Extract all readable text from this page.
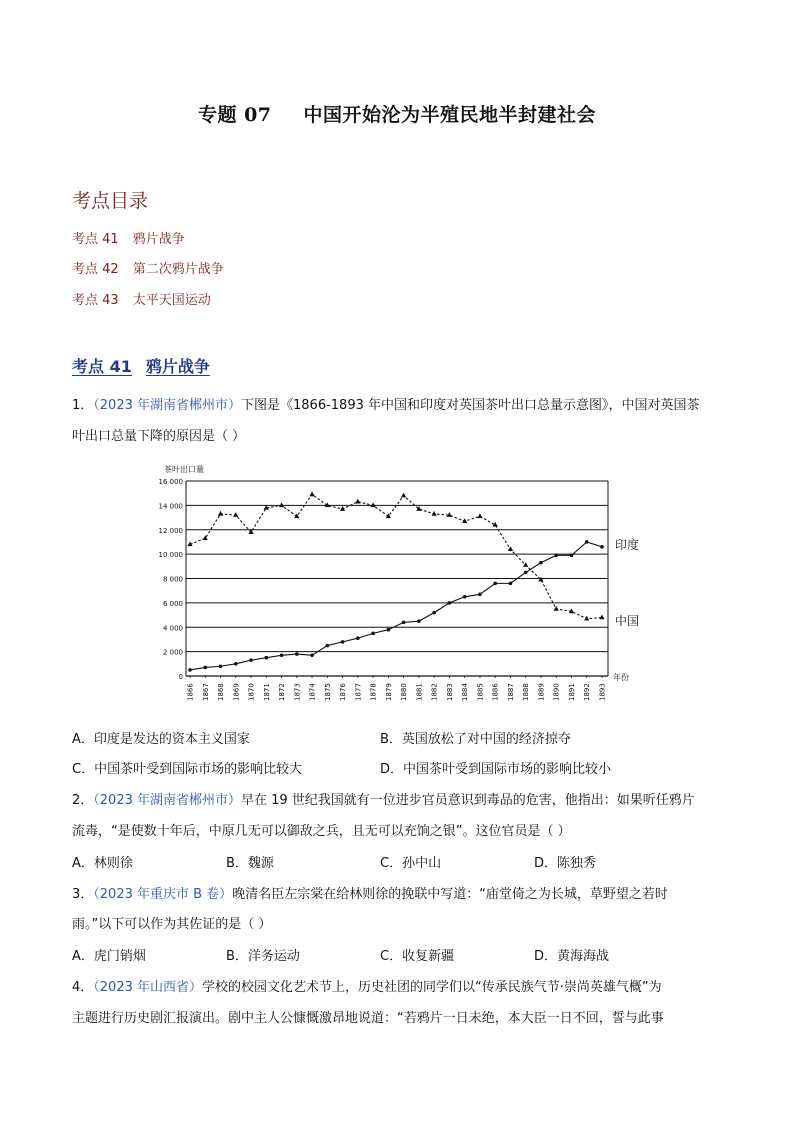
专题 07 中国开始沦为半殖民地半封建社会
考点目录
考点 41 鸦片战争
考点 42 第二次鸦片战争
考点 43 太平天国运动
考点 41 鸦片战争
1．（2023 年湖南省郴州市）下图是《1866-1893 年中国和印度对英国茶叶出口总量示意图》，中国对英国茶
叶出口总量下降的原因是（ ）
0
2 000
4 000
6 000
8 000
10 000
12 000
14 000
16 000
1866 1867 1868 1869 1870 1871 1872 1873 1874 1875 1876 1877 1878 1879 1880 1881 1882 1883 1884 1885 1886 1887 1888 1889 1890 1891 1892 1893
茶叶出口量
年份
印度
中国
A．印度是发达的资本主义国家	B．英国放松了对中国的经济掠夺
C．中国茶叶受到国际市场的影响比较大	D．中国茶叶受到国际市场的影响比较小
2．（2023 年湖南省郴州市）早在 19 世纪我国就有一位进步官员意识到毒品的危害，他指出：如果听任鸦片
流毒，“是使数十年后，中原几无可以御敌之兵，且无可以充饷之银”。这位官员是（ ）
A．林则徐	B．魏源	C．孙中山	D．陈独秀
3．（2023 年重庆市 B 卷）晚清名臣左宗棠在给林则徐的挽联中写道：“庙堂倚之为长城，草野望之若时
雨。”以下可以作为其佐证的是（ ）
A．虎门销烟	B．洋务运动	C．收复新疆	D．黄海海战
4．（2023 年山西省）学校的校园文化艺术节上，历史社团的同学们以“传承民族气节·崇尚英雄气概”为
主题进行历史剧汇报演出。剧中主人公慷慨激昂地说道：“若鸦片一日未绝，本大臣一日不回，誓与此事
